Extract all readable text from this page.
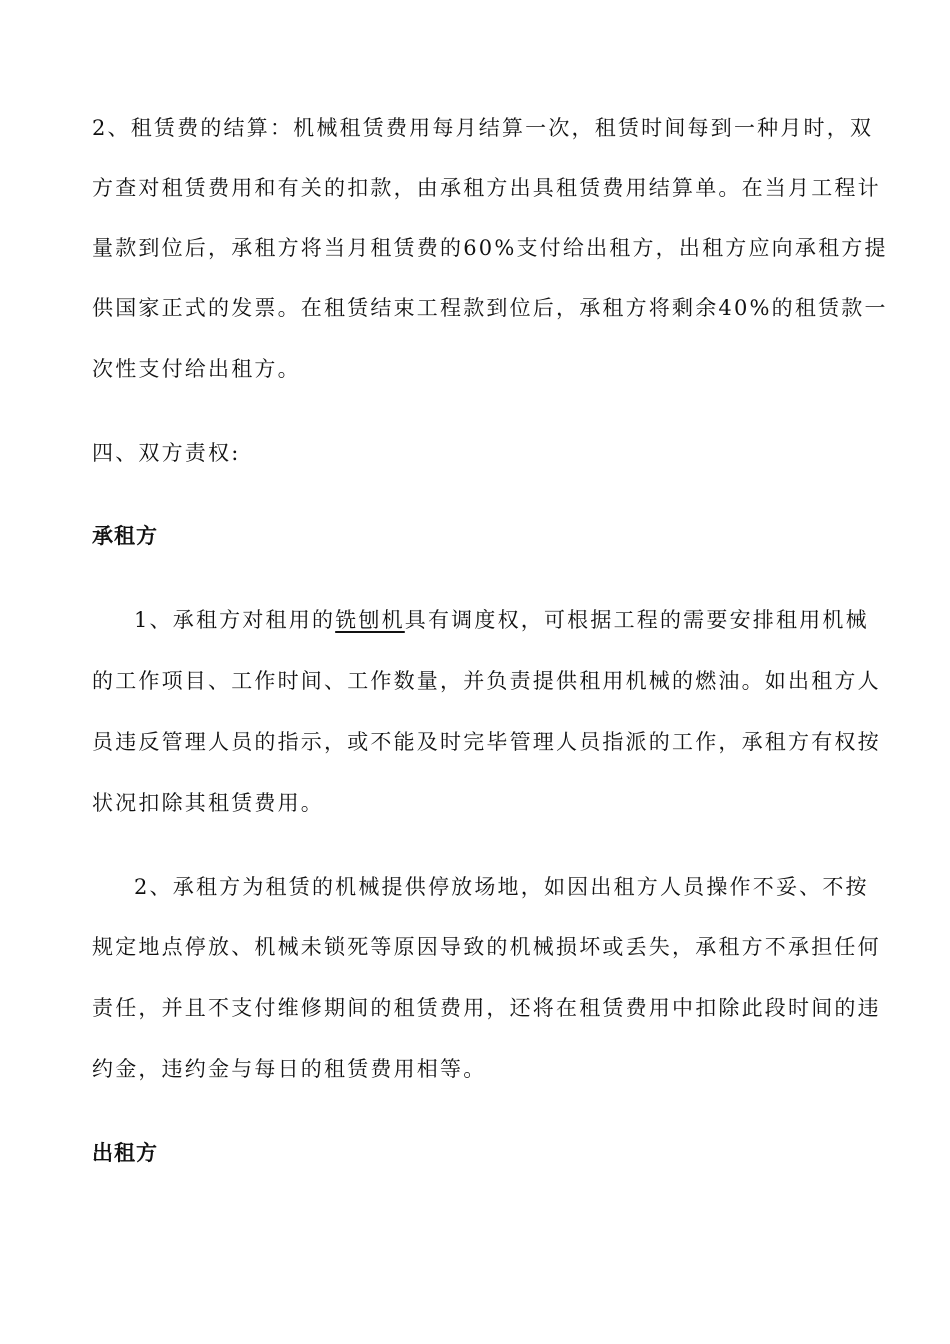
2、租赁费的结算：机械租赁费用每月结算一次，租赁时间每到一种月时，双
方查对租赁费用和有关的扣款，由承租方出具租赁费用结算单。在当月工程计
量款到位后，承租方将当月租赁费的60%支付给出租方，出租方应向承租方提
供国家正式的发票。在租赁结束工程款到位后，承租方将剩余40%的租赁款一
次性支付给出租方。
四、双方责权:
承租方
1、承租方对租用的铣刨机具有调度权，可根据工程的需要安排租用机械
的工作项目、工作时间、工作数量，并负责提供租用机械的燃油。如出租方人
员违反管理人员的指示，或不能及时完毕管理人员指派的工作，承租方有权按
状况扣除其租赁费用。
2、承租方为租赁的机械提供停放场地，如因出租方人员操作不妥、不按
规定地点停放、机械未锁死等原因导致的机械损坏或丢失，承租方不承担任何
责任，并且不支付维修期间的租赁费用，还将在租赁费用中扣除此段时间的违
约金，违约金与每日的租赁费用相等。
出租方
